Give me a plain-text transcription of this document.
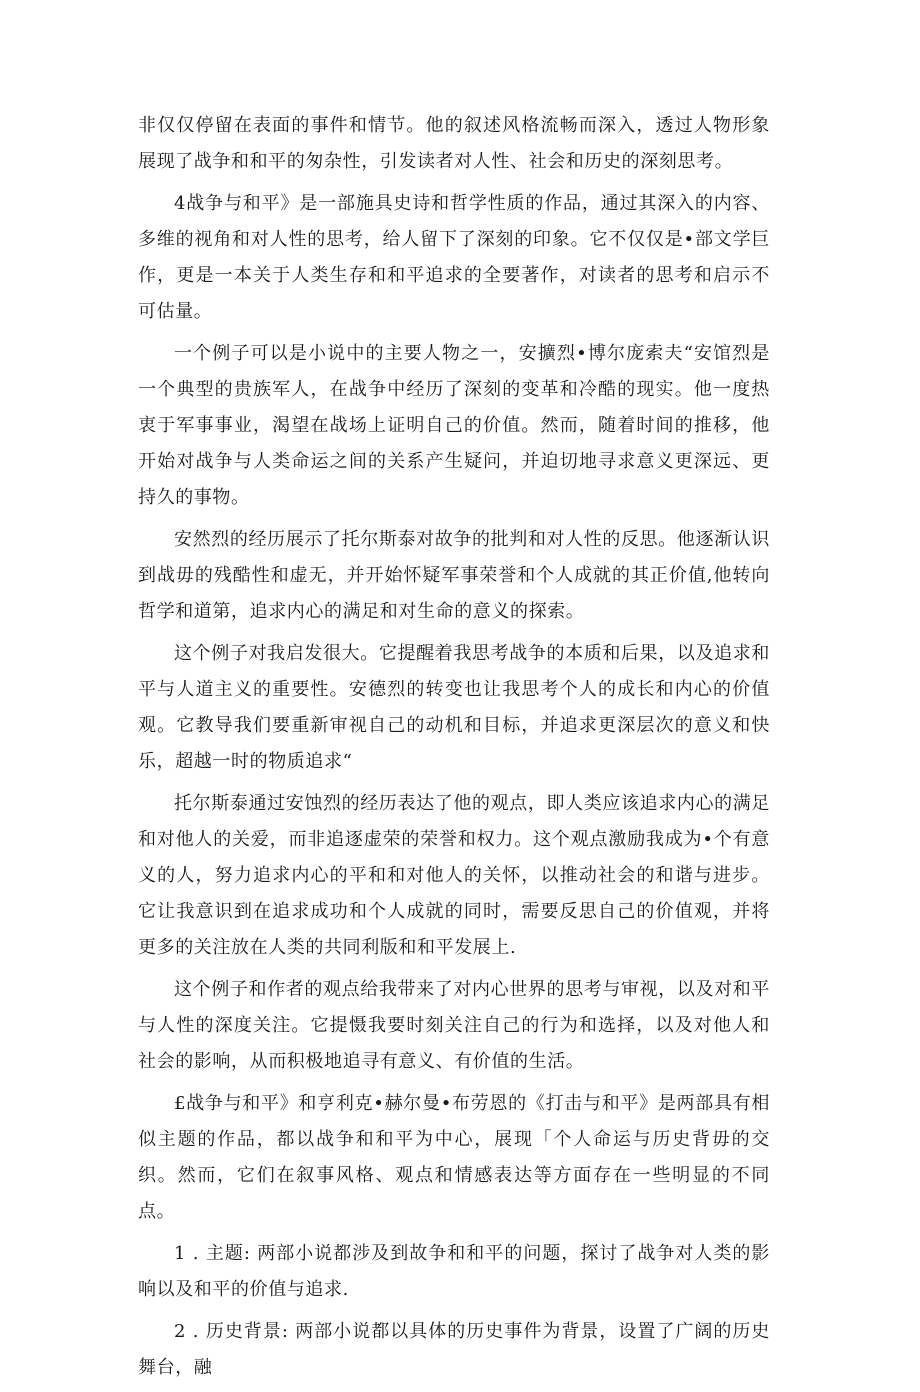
非仅仅停留在表面的事件和情节。他的叙述风格流畅而深入，透过人物形象展现了战争和和平的匆杂性，引发读者对人性、社会和历史的深刻思考。

4战争与和平》是一部施具史诗和哲学性质的作品，通过其深入的内容、多维的视角和对人性的思考，给人留下了深刻的印象。它不仅仅是•部文学巨作，更是一本关于人类生存和和平追求的全要著作，对读者的思考和启示不可估量。

一个例子可以是小说中的主要人物之一，安擴烈•博尔庞索夫“安馆烈是一个典型的贵族军人，在战争中经历了深刻的变革和冷酷的现实。他一度热衷于军事事业，渴望在战场上证明自己的价值。然而，随着时间的推移，他开始对战争与人类命运之间的关系产生疑问，并迫切地寻求意义更深远、更持久的事物。

安然烈的经历展示了托尔斯泰对故争的批判和对人性的反思。他逐渐认识到战毋的残酷性和虚无，并开始怀疑军事荣誉和个人成就的其正价值,他转向哲学和道第，追求内心的满足和对生命的意义的探索。

这个例子对我启发很大。它提醒着我思考战争的本质和后果，以及追求和平与人道主义的重要性。安德烈的转变也让我思考个人的成长和内心的价值观。它教导我们要重新审视自己的动机和目标，并追求更深层次的意义和快乐，超越一时的物质追求“

托尔斯泰通过安蚀烈的经历表达了他的观点，即人类应该追求内心的满足和对他人的关爱，而非追逐虚荣的荣誉和权力。这个观点激励我成为•个有意义的人，努力追求内心的平和和对他人的关怀，以推动社会的和谐与进步。它让我意识到在追求成功和个人成就的同时，需要反思自己的价值观，并将更多的关注放在人类的共同利版和和平发展上.

这个例子和作者的观点给我带来了对内心世界的思考与审视，以及对和平与人性的深度关注。它提慑我要时刻关注自己的行为和选择，以及对他人和社会的影响，从而积极地追寻有意义、有价值的生活。

£战争与和平》和亨利克•赫尔曼•布劳恩的《打击与和平》是两部具有相似主题的作品，都以战争和和平为中心，展现「个人命运与历史背毋的交织。然而，它们在叙事风格、观点和情感表达等方面存在一些明显的不同点。

1 . 主题: 两部小说都涉及到故争和和平的问题，探讨了战争对人类的影响以及和平的价值与追求.

2 . 历史背景: 两部小说都以具体的历史事件为背景，设置了广阔的历史舞台，融
